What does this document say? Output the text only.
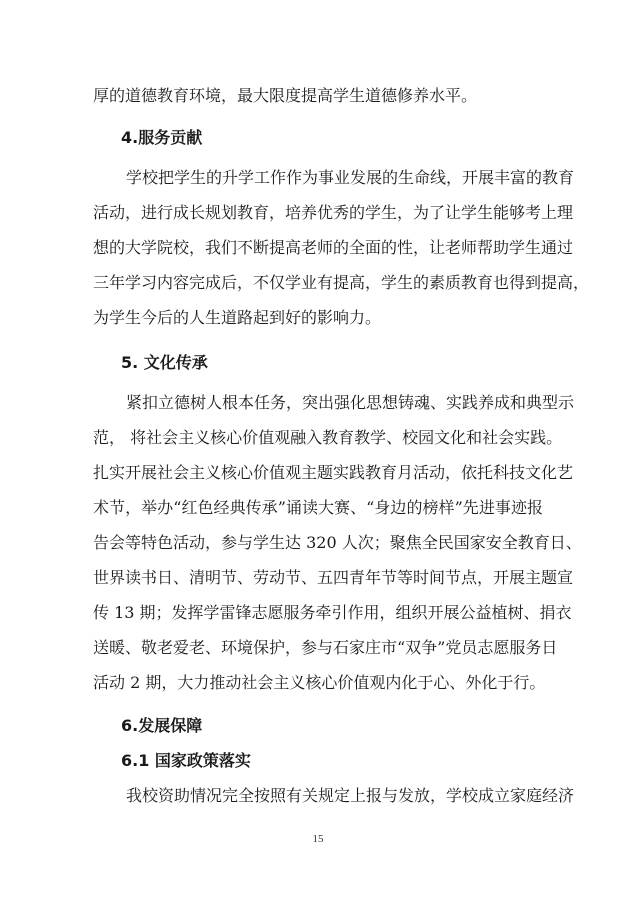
厚的道德教育环境，最大限度提高学生道德修养水平。
4.服务贡献
学校把学生的升学工作作为事业发展的生命线，开展丰富的教育
活动，进行成长规划教育，培养优秀的学生，为了让学生能够考上理
想的大学院校，我们不断提高老师的全面的性，让老师帮助学生通过
三年学习内容完成后，不仅学业有提高，学生的素质教育也得到提高，
为学生今后的人生道路起到好的影响力。
5. 文化传承
紧扣立德树人根本任务，突出强化思想铸魂、实践养成和典型示
范， 将社会主义核心价值观融入教育教学、校园文化和社会实践。
扎实开展社会主义核心价值观主题实践教育月活动，依托科技文化艺
术节，举办“红色经典传承”诵读大赛、“身边的榜样”先进事迹报
告会等特色活动，参与学生达 320 人次；聚焦全民国家安全教育日、
世界读书日、清明节、劳动节、五四青年节等时间节点，开展主题宣
传 13 期；发挥学雷锋志愿服务牵引作用，组织开展公益植树、捐衣
送暖、敬老爱老、环境保护，参与石家庄市“双争”党员志愿服务日
活动 2 期，大力推动社会主义核心价值观内化于心、外化于行。
6.发展保障
6.1 国家政策落实
我校资助情况完全按照有关规定上报与发放，学校成立家庭经济
15
